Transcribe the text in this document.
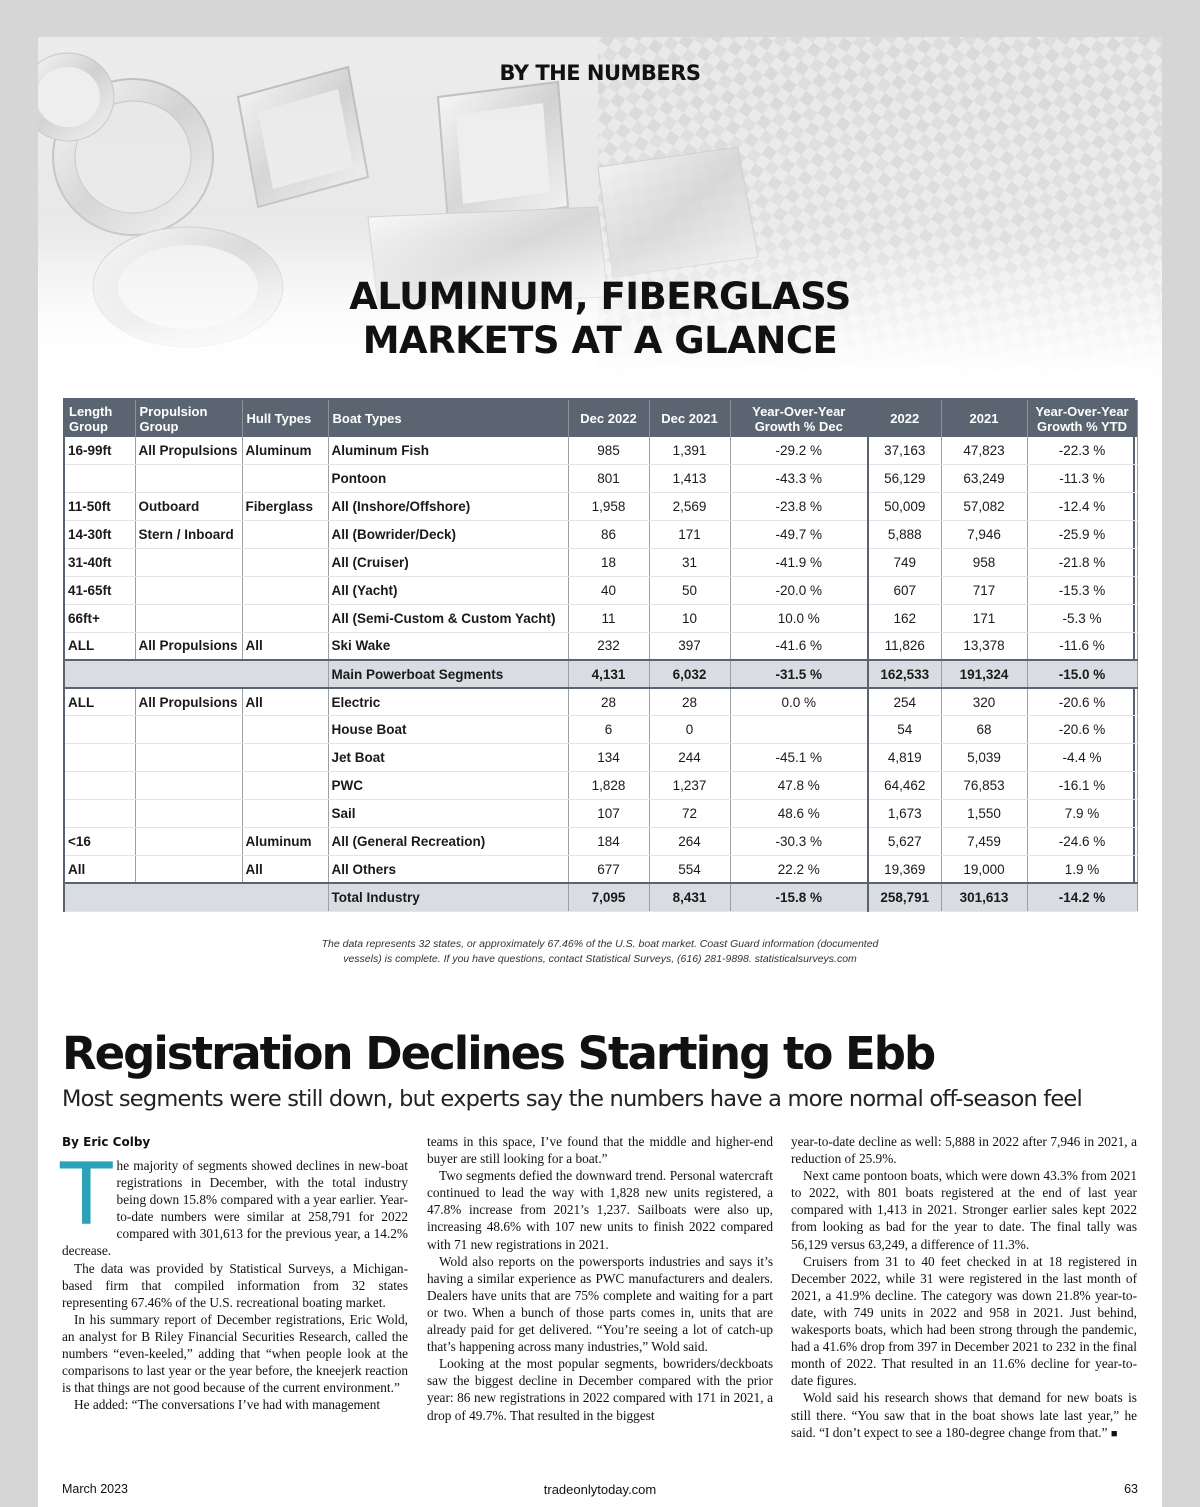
BY THE NUMBERS
ALUMINUM, FIBERGLASS
MARKETS AT A GLANCE
Length Group	Propulsion Group	Hull Types	Boat Types	Dec 2022	Dec 2021	Year-Over-Year Growth % Dec	2022	2021	Year-Over-Year Growth % YTD
16-99ft	All Propulsions	Aluminum	Aluminum Fish	985	1,391	-29.2 %	37,163	47,823	-22.3 %
			Pontoon	801	1,413	-43.3 %	56,129	63,249	-11.3 %
11-50ft	Outboard	Fiberglass	All (Inshore/Offshore)	1,958	2,569	-23.8 %	50,009	57,082	-12.4 %
14-30ft	Stern / Inboard		All (Bowrider/Deck)	86	171	-49.7 %	5,888	7,946	-25.9 %
31-40ft			All (Cruiser)	18	31	-41.9 %	749	958	-21.8 %
41-65ft			All (Yacht)	40	50	-20.0 %	607	717	-15.3 %
66ft+			All (Semi-Custom & Custom Yacht)	11	10	10.0 %	162	171	-5.3 %
ALL	All Propulsions	All	Ski Wake	232	397	-41.6 %	11,826	13,378	-11.6 %
			Main Powerboat Segments	4,131	6,032	-31.5 %	162,533	191,324	-15.0 %
ALL	All Propulsions	All	Electric	28	28	0.0 %	254	320	-20.6 %
			House Boat	6	0		54	68	-20.6 %
			Jet Boat	134	244	-45.1 %	4,819	5,039	-4.4 %
			PWC	1,828	1,237	47.8 %	64,462	76,853	-16.1 %
			Sail	107	72	48.6 %	1,673	1,550	7.9 %
<16		Aluminum	All (General Recreation)	184	264	-30.3 %	5,627	7,459	-24.6 %
All		All	All Others	677	554	22.2 %	19,369	19,000	1.9 %
			Total Industry	7,095	8,431	-15.8 %	258,791	301,613	-14.2 %
The data represents 32 states, or approximately 67.46% of the U.S. boat market. Coast Guard information (documented
vessels) is complete. If you have questions, contact Statistical Surveys, (616) 281-9898. statisticalsurveys.com
Registration Declines Starting to Ebb
Most segments were still down, but experts say the numbers have a more normal off-season feel
By Eric Colby
T he majority of segments showed declines in new-boat registrations in December, with the total industry being down 15.8% compared with a year earlier. Year-to-date numbers were similar at 258,791 for 2022 compared with 301,613 for the previous year, a 14.2% decrease.

The data was provided by Statistical Surveys, a Michigan-based firm that compiled information from 32 states representing 67.46% of the U.S. recreational boating market.

In his summary report of December registrations, Eric Wold, an analyst for B Riley Financial Securities Research, called the numbers “even-keeled,” adding that “when people look at the comparisons to last year or the year before, the kneejerk reaction is that things are not good because of the current environment.”

He added: “The conversations I’ve had with management

teams in this space, I’ve found that the middle and higher-end buyer are still looking for a boat.”

Two segments defied the downward trend. Personal watercraft continued to lead the way with 1,828 new units registered, a 47.8% increase from 2021’s 1,237. Sailboats were also up, increasing 48.6% with 107 new units to finish 2022 compared with 71 new registrations in 2021.

Wold also reports on the powersports industries and says it’s having a similar experience as PWC manufacturers and dealers. Dealers have units that are 75% complete and waiting for a part or two. When a bunch of those parts comes in, units that are already paid for get delivered. “You’re seeing a lot of catch-up that’s happening across many industries,” Wold said.

Looking at the most popular segments, bowriders/deckboats saw the biggest decline in December compared with the prior year: 86 new registrations in 2022 compared with 171 in 2021, a drop of 49.7%. That resulted in the biggest

year-to-date decline as well: 5,888 in 2022 after 7,946 in 2021, a reduction of 25.9%.

Next came pontoon boats, which were down 43.3% from 2021 to 2022, with 801 boats registered at the end of last year compared with 1,413 in 2021. Stronger earlier sales kept 2022 from looking as bad for the year to date. The final tally was 56,129 versus 63,249, a difference of 11.3%.

Cruisers from 31 to 40 feet checked in at 18 registered in December 2022, while 31 were registered in the last month of 2021, a 41.9% decline. The category was down 21.8% year-to-date, with 749 units in 2022 and 958 in 2021. Just behind, wakesports boats, which had been strong through the pandemic, had a 41.6% drop from 397 in December 2021 to 232 in the final month of 2022. That resulted in an 11.6% decline for year-to-date figures.

Wold said his research shows that demand for new boats is still there. “You saw that in the boat shows late last year,” he said. “I don’t expect to see a 180-degree change from that.” ■

March 2023	tradeonlytoday.com	63
